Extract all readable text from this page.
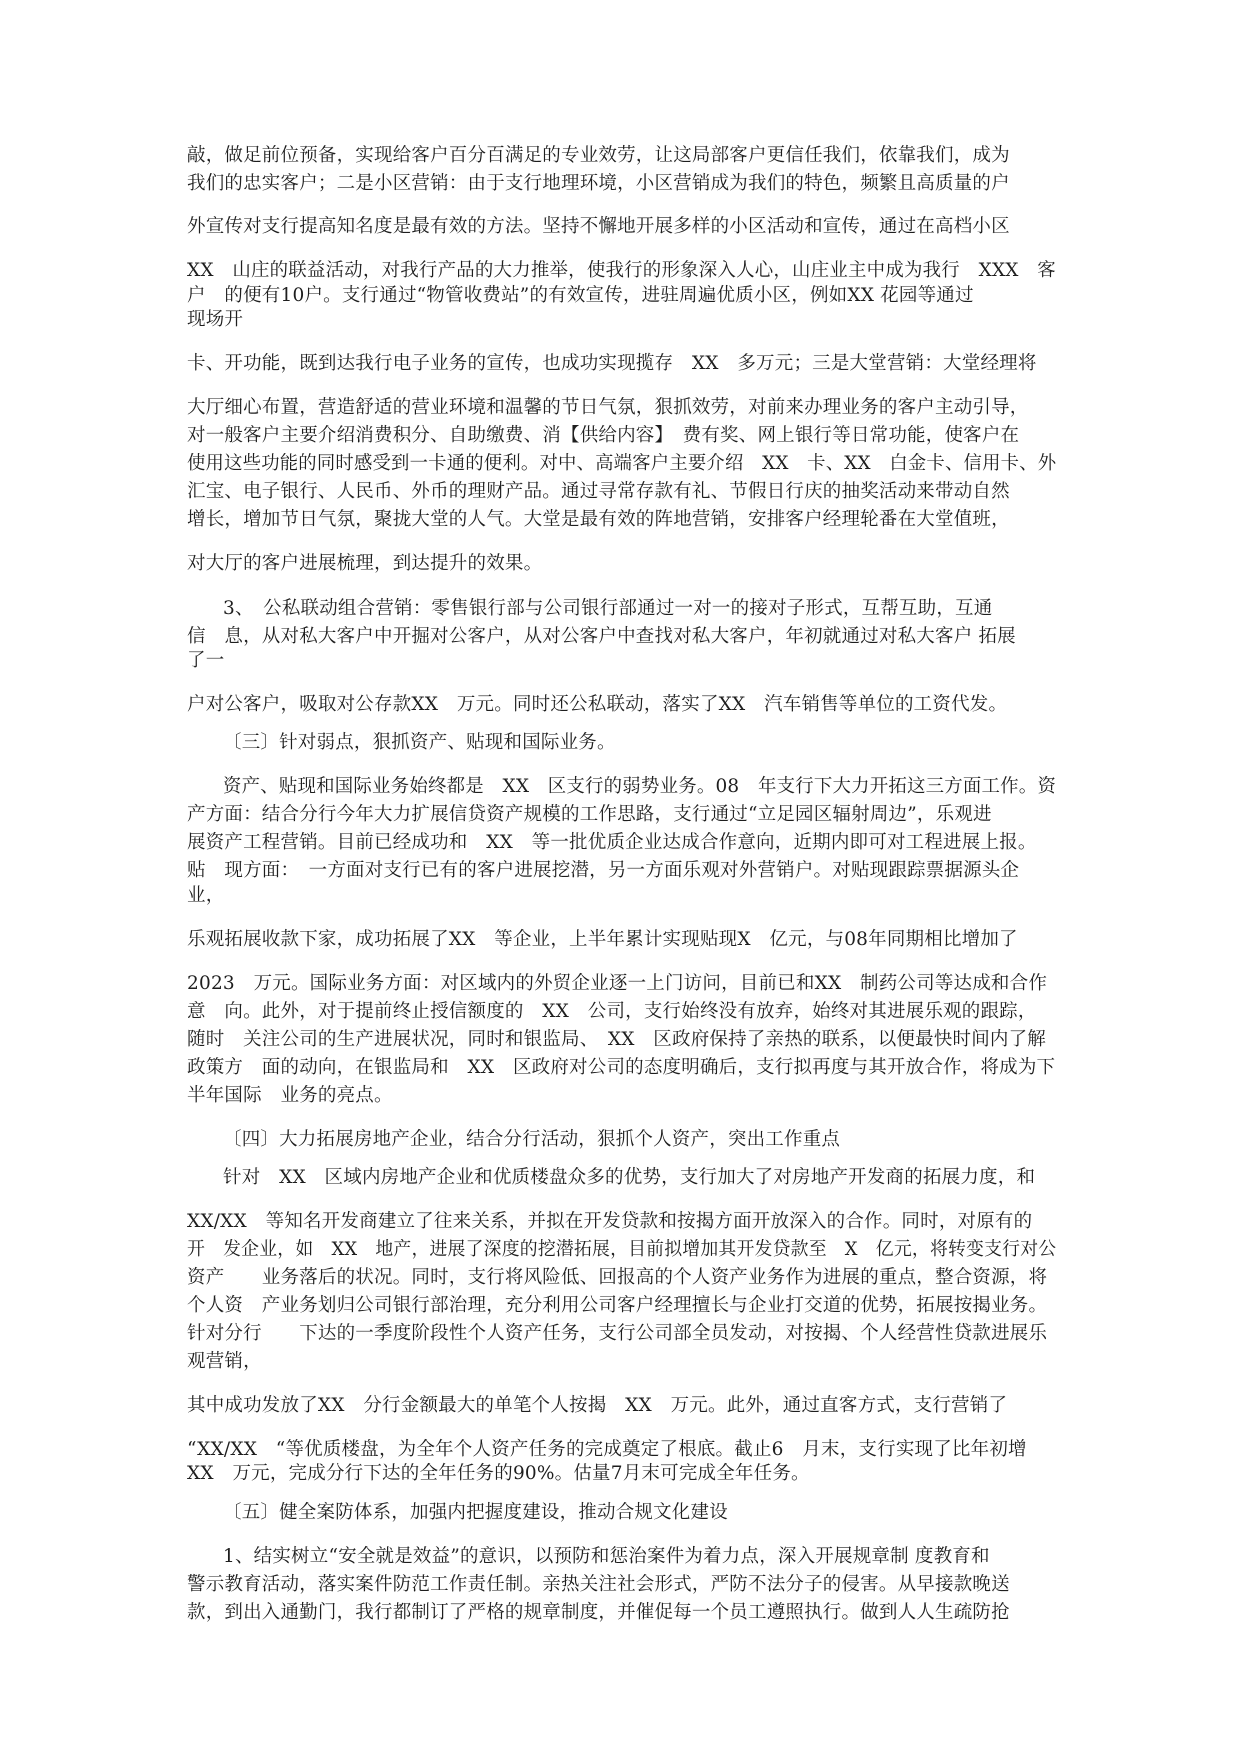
敲，做足前位预备，实现给客户百分百满足的专业效劳，让这局部客户更信任我们，依靠我们，成为

我们的忠实客户；二是小区营销：由于支行地理环境，小区营销成为我们的特色，频繁且高质量的户

外宣传对支行提高知名度是最有效的方法。坚持不懈地开展多样的小区活动和宣传，通过在高档小区

XX　山庄的联益活动，对我行产品的大力推举，使我行的形象深入人心，山庄业主中成为我行　XXX　客

户　的便有10户。支行通过“物管收费站”的有效宣传，进驻周遍优质小区，例如XX 花园等通过

现场开

卡、开功能，既到达我行电子业务的宣传，也成功实现揽存　XX　多万元；三是大堂营销：大堂经理将

大厅细心布置，营造舒适的营业环境和温馨的节日气氛，狠抓效劳，对前来办理业务的客户主动引导，

对一般客户主要介绍消费积分、自助缴费、消【供给内容】　费有奖、网上银行等日常功能，使客户在

使用这些功能的同时感受到一卡通的便利。对中、高端客户主要介绍　XX　卡、XX　白金卡、信用卡、外

汇宝、电子银行、人民币、外币的理财产品。通过寻常存款有礼、节假日行庆的抽奖活动来带动自然

增长，增加节日气氛，聚拢大堂的人气。大堂是最有效的阵地营销，安排客户经理轮番在大堂值班，

对大厅的客户进展梳理，到达提升的效果。

3、　公私联动组合营销：零售银行部与公司银行部通过一对一的接对子形式，互帮互助，互通

信　息，从对私大客户中开掘对公客户，从对公客户中查找对私大客户，年初就通过对私大客户 拓展

了一

户对公客户，吸取对公存款XX　万元。同时还公私联动，落实了XX　汽车销售等单位的工资代发。

〔三〕针对弱点，狠抓资产、贴现和国际业务。

资产、贴现和国际业务始终都是　XX　区支行的弱势业务。08　年支行下大力开拓这三方面工作。资

产方面：结合分行今年大力扩展信贷资产规模的工作思路，支行通过“立足园区辐射周边”，乐观进

展资产工程营销。目前已经成功和　XX　等一批优质企业达成合作意向，近期内即可对工程进展上报。

贴　现方面：　一方面对支行已有的客户进展挖潜，另一方面乐观对外营销户。对贴现跟踪票据源头企

业，

乐观拓展收款下家，成功拓展了XX　等企业，上半年累计实现贴现X　亿元，与08年同期相比增加了

2023　万元。国际业务方面：对区域内的外贸企业逐一上门访问，目前已和XX　制药公司等达成和合作

意　向。此外，对于提前终止授信额度的　XX　公司，支行始终没有放弃，始终对其进展乐观的跟踪，

随时　关注公司的生产进展状况，同时和银监局、　XX　区政府保持了亲热的联系，以便最快时间内了解

政策方　面的动向，在银监局和　XX　区政府对公司的态度明确后，支行拟再度与其开放合作，将成为下

半年国际　业务的亮点。

〔四〕大力拓展房地产企业，结合分行活动，狠抓个人资产，突出工作重点

针对　XX　区域内房地产企业和优质楼盘众多的优势，支行加大了对房地产开发商的拓展力度，和

XX/XX　等知名开发商建立了往来关系，并拟在开发贷款和按揭方面开放深入的合作。同时，对原有的

开　发企业，如　XX　地产，进展了深度的挖潜拓展，目前拟增加其开发贷款至　X　亿元，将转变支行对公

资产　　业务落后的状况。同时，支行将风险低、回报高的个人资产业务作为进展的重点，整合资源，将

个人资　产业务划归公司银行部治理，充分利用公司客户经理擅长与企业打交道的优势，拓展按揭业务。

针对分行　　下达的一季度阶段性个人资产任务，支行公司部全员发动，对按揭、个人经营性贷款进展乐

观营销，

其中成功发放了XX　分行金额最大的单笔个人按揭　XX　万元。此外，通过直客方式，支行营销了

“XX/XX　“等优质楼盘，为全年个人资产任务的完成奠定了根底。截止6　月末，支行实现了比年初增

XX　万元，完成分行下达的全年任务的90%。估量7月末可完成全年任务。

〔五〕健全案防体系，加强内把握度建设，推动合规文化建设

1、结实树立“安全就是效益”的意识，以预防和惩治案件为着力点，深入开展规章制 度教育和

警示教育活动，落实案件防范工作责任制。亲热关注社会形式，严防不法分子的侵害。从早接款晚送

款，到出入通勤门，我行都制订了严格的规章制度，并催促每一个员工遵照执行。做到人人生疏防抢
